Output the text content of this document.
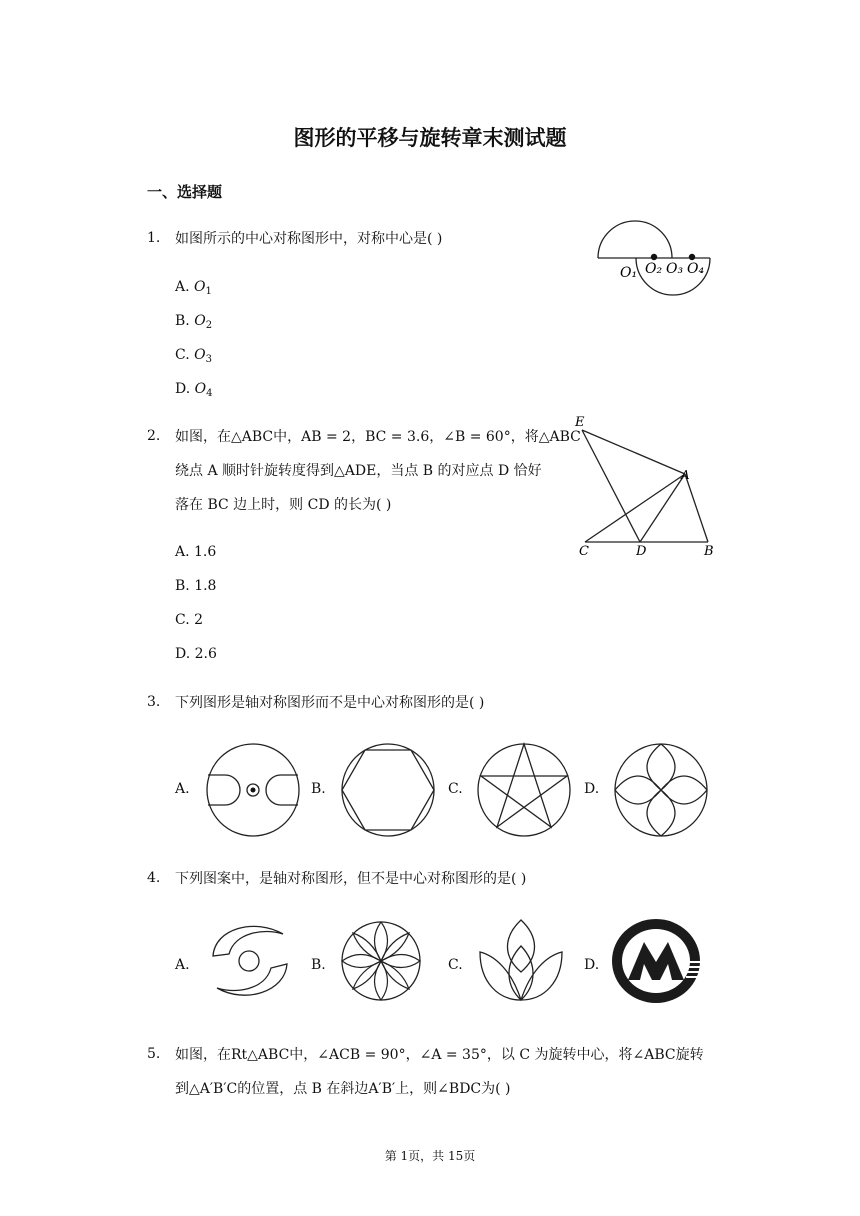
图形的平移与旋转章末测试题
一、选择题
1. 如图所示的中心对称图形中，对称中心是( )
A. $O_1$
B. $O_2$
C. $O_3$
D. $O_4$
O₁ O₂ O₃ O₄
2. 如图，在△ABC中，AB = 2，BC = 3.6，∠B = 60°，将△ABC
绕点 A 顺时针旋转度得到△ADE，当点 B 的对应点 D 恰好
落在 BC 边上时，则 CD 的长为( )
A. 1.6
B. 1.8
C. 2
D. 2.6
E
A
C	D	B
3. 下列图形是轴对称图形而不是中心对称图形的是( )
A.	B.	C.	D.
4. 下列图案中，是轴对称图形，但不是中心对称图形的是( )
A.	B.	C.	D.
5. 如图，在Rt△ABC中，∠ACB = 90°，∠A = 35°，以 C 为旋转中心，将∠ABC旋转
到△A′B′C的位置，点 B 在斜边A′B′上，则∠BDC为( )
第 1页，共 15页
